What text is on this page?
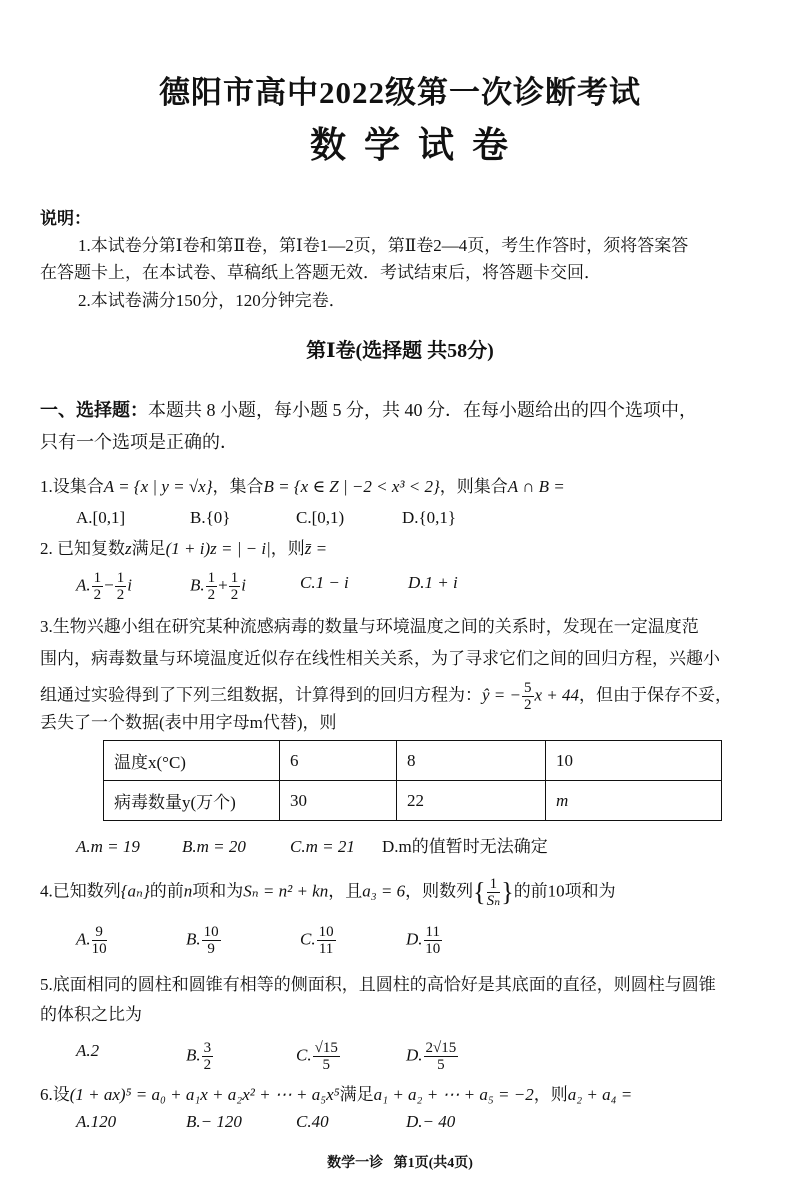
德阳市高中2022级第一次诊断考试
数学试卷
说明：
1.本试卷分第Ⅰ卷和第Ⅱ卷，第Ⅰ卷1—2页，第Ⅱ卷2—4页，考生作答时，须将答案答
在答题卡上，在本试卷、草稿纸上答题无效．考试结束后，将答题卡交回．
2.本试卷满分150分，120分钟完卷．
第Ⅰ卷(选择题 共58分)
一、选择题：本题共 8 小题，每小题 5 分，共 40 分．在每小题给出的四个选项中，
只有一个选项是正确的．
1.设集合A = {x | y = √x}，集合B = {x ∈ Z | −2 < x³ < 2}，则集合A ∩ B =
A.[0,1]	B.{0}	C.[0,1)	D.{0,1}
2. 已知复数z满足(1 + i)z = | − i|，则z̄ =
A. $\frac{1}{2} - \frac{1}{2}$ i	B. $\frac{1}{2} + \frac{1}{2}$ i	C.1 − i	D.1 + i
3.生物兴趣小组在研究某种流感病毒的数量与环境温度之间的关系时，发现在一定温度范
围内，病毒数量与环境温度近似存在线性相关关系，为了寻求它们之间的回归方程，兴趣小
组通过实验得到了下列三组数据，计算得到的回归方程为：ŷ = − $\frac{5}{2}$ x + 44，但由于保存不妥，
丢失了一个数据(表中用字母m代替)，则
温度x(°C)	6	8	10
病毒数量y(万个)	30	22	m
A.m = 19 B.m = 20	C.m = 21 D.m的值暂时无法确定
4.已知数列{aₙ}的前n项和为Sₙ = n² + kn，且a₃ = 6，则数列{ $\frac{1}{\text{Sₙ}}$ }的前10项和为
A. $\frac{9}{10}$	B. $\frac{10}{9}$	C. $\frac{10}{11}$	D. $\frac{11}{10}$
5.底面相同的圆柱和圆锥有相等的侧面积，且圆柱的高恰好是其底面的直径，则圆柱与圆锥
的体积之比为
A.2	B. $\frac{3}{2}$	C. $\frac{√15}{5}$	D. $\frac{2√15}{5}$
6.设(1 + ax)⁵ = a₀ + a₁x + a₂x² + ⋯ + a₅x⁵满足a₁ + a₂ + ⋯ + a₅ = −2，则a₂ + a₄ =
A.120	B.− 120	C.40	D.− 40
数学一诊   第1页(共4页)
